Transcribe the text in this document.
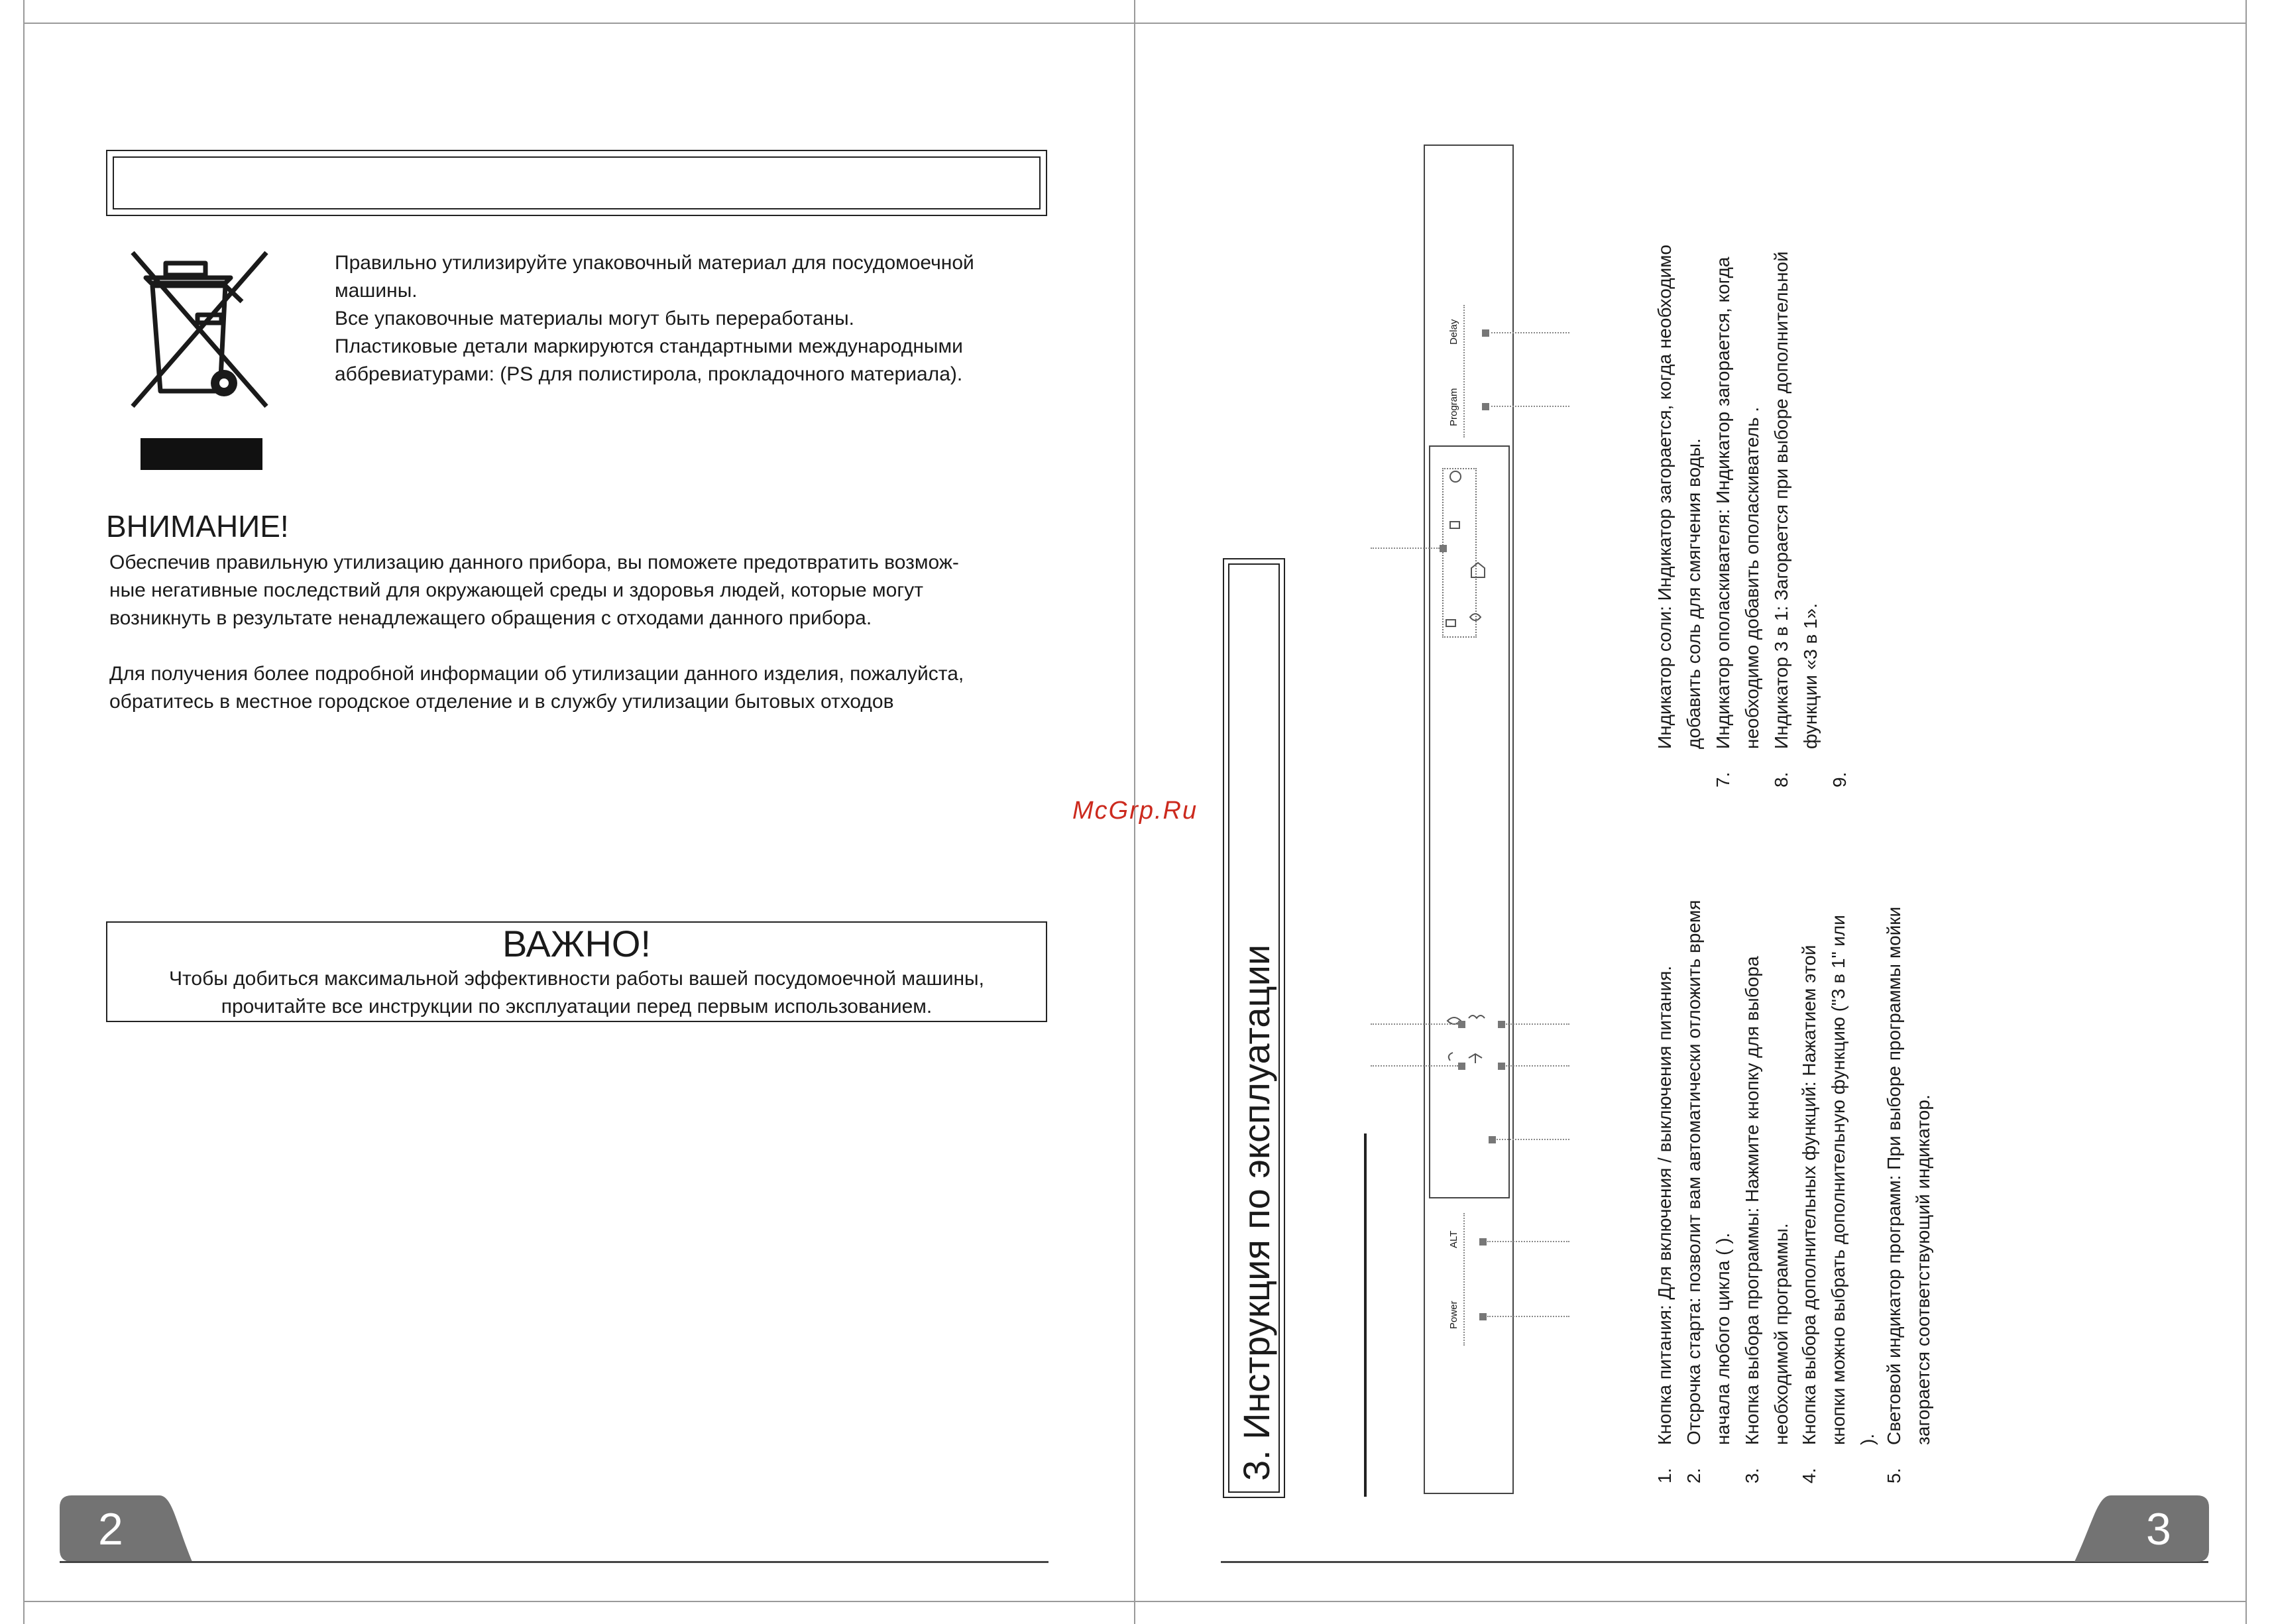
Правильно утилизируйте упаковочный материал для посудомоечной
машины.
Все упаковочные материалы могут быть переработаны.
Пластиковые детали маркируются стандартными международными
аббревиатурами: (PS для полистирола, прокладочного материала).

ВНИМАНИЕ!

Обеспечив правильную утилизацию данного прибора, вы поможете предотвратить возмож-
ные негативные последствий для окружающей среды и здоровья людей, которые могут
возникнуть в результате ненадлежащего обращения с отходами данного прибора.

Для получения более подробной информации об утилизации данного изделия, пожалуйста,
обратитесь в местное городское отделение и в службу утилизации бытовых отходов

ВАЖНО!
Чтобы добиться максимальной эффективности работы вашей посудомоечной машины,
прочитайте все инструкции по эксплуатации перед первым использованием.
2
McGrp.Ru
3. Инструкция по эксплуатации
Delay
Program
ALT
Power
1.
Кнопка питания: Для включения / выключения питания.
2.
Отсрочка старта: позволит вам автоматически отложить время начала любого цикла ( ).
3.
Кнопка выбора программы: Нажмите кнопку для выбора необходимой программы.
4.
Кнопка выбора дополнительных функций: Нажатием этой кнопки можно выбрать дополнительную функцию ("3 в 1" или ).
5.
Световой индикатор программ: При выборе программы мойки загорается соответствующий индикатор.
Индикатор соли: Индикатор загорается, когда необходимо добавить соль для смягчения воды.
7.
Индикатор ополаскивателя: Индикатор загорается, когда необходимо добавить ополаскиватель .
8.
Индикатор 3 в 1: Загорается при выборе дополнительной функции «3 в 1».
9.
3
